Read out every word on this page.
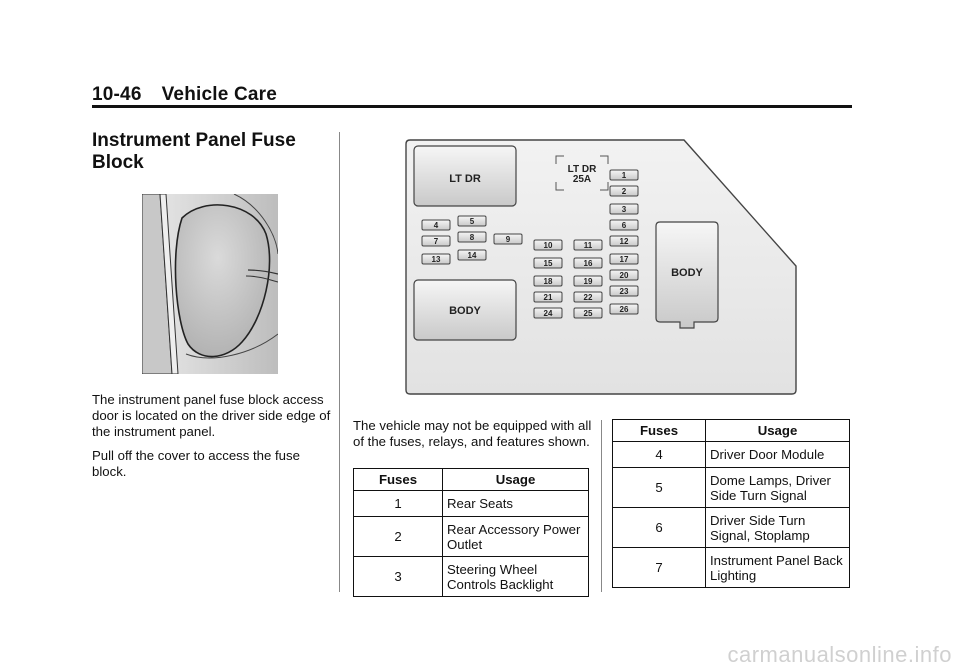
10-46 Vehicle Care
Instrument Panel Fuse Block

The instrument panel fuse block access door is located on the driver side edge of the instrument panel.

Pull off the cover to access the fuse block.

LT DR
BODY
BODY
LT DR
25A	1
2
3
4	5	6
7	8	9
10	11	12
13	14
15	16	17
18	19
20
21	22
23
24	25	26
The vehicle may not be equipped with all of the fuses, relays, and features shown.
Fuses	Usage
1	Rear Seats
2	Rear Accessory Power Outlet
3	Steering Wheel Controls Backlight
Fuses	Usage
4	Driver Door Module
5	Dome Lamps, Driver Side Turn Signal
6	Driver Side Turn Signal, Stoplamp
7	Instrument Panel Back Lighting
carmanualsonline.info
